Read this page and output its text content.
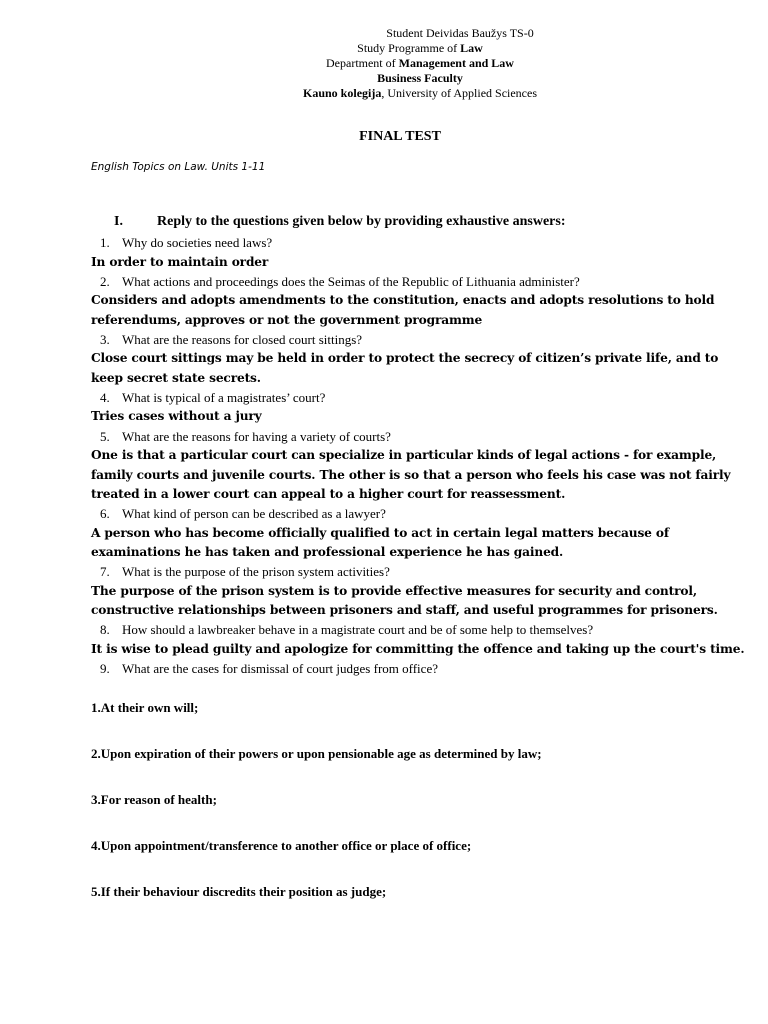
Student Deividas Baužys TS-0
Study Programme of Law
Department of Management and Law
Business Faculty
Kauno kolegija, University of Applied Sciences
FINAL TEST
English Topics on Law. Units 1-11
I. Reply to the questions given below by providing exhaustive answers:
1. Why do societies need laws?
In order to maintain order
2. What actions and proceedings does the Seimas of the Republic of Lithuania administer?
Considers and adopts amendments to the constitution, enacts and adopts resolutions to hold
referendums, approves or not the government programme
3. What are the reasons for closed court sittings?
Close court sittings may be held in order to protect the secrecy of citizen’s private life, and to
keep secret state secrets.
4. What is typical of a magistrates’ court?
Tries cases without a jury
5. What are the reasons for having a variety of courts?
One is that a particular court can specialize in particular kinds of legal actions - for example,
family courts and juvenile courts. The other is so that a person who feels his case was not fairly
treated in a lower court can appeal to a higher court for reassessment.
6. What kind of person can be described as a lawyer?
A person who has become officially qualified to act in certain legal matters because of
examinations he has taken and professional experience he has gained.
7. What is the purpose of the prison system activities?
The purpose of the prison system is to provide effective measures for security and control,
constructive relationships between prisoners and staff, and useful programmes for prisoners.
8. How should a lawbreaker behave in a magistrate court and be of some help to themselves?
It is wise to plead guilty and apologize for committing the offence and taking up the court's time.
9. What are the cases for dismissal of court judges from office?
1.At their own will;
2.Upon expiration of their powers or upon pensionable age as determined by law;
3.For reason of health;
4.Upon appointment/transference to another office or place of office;
5.If their behaviour discredits their position as judge;
